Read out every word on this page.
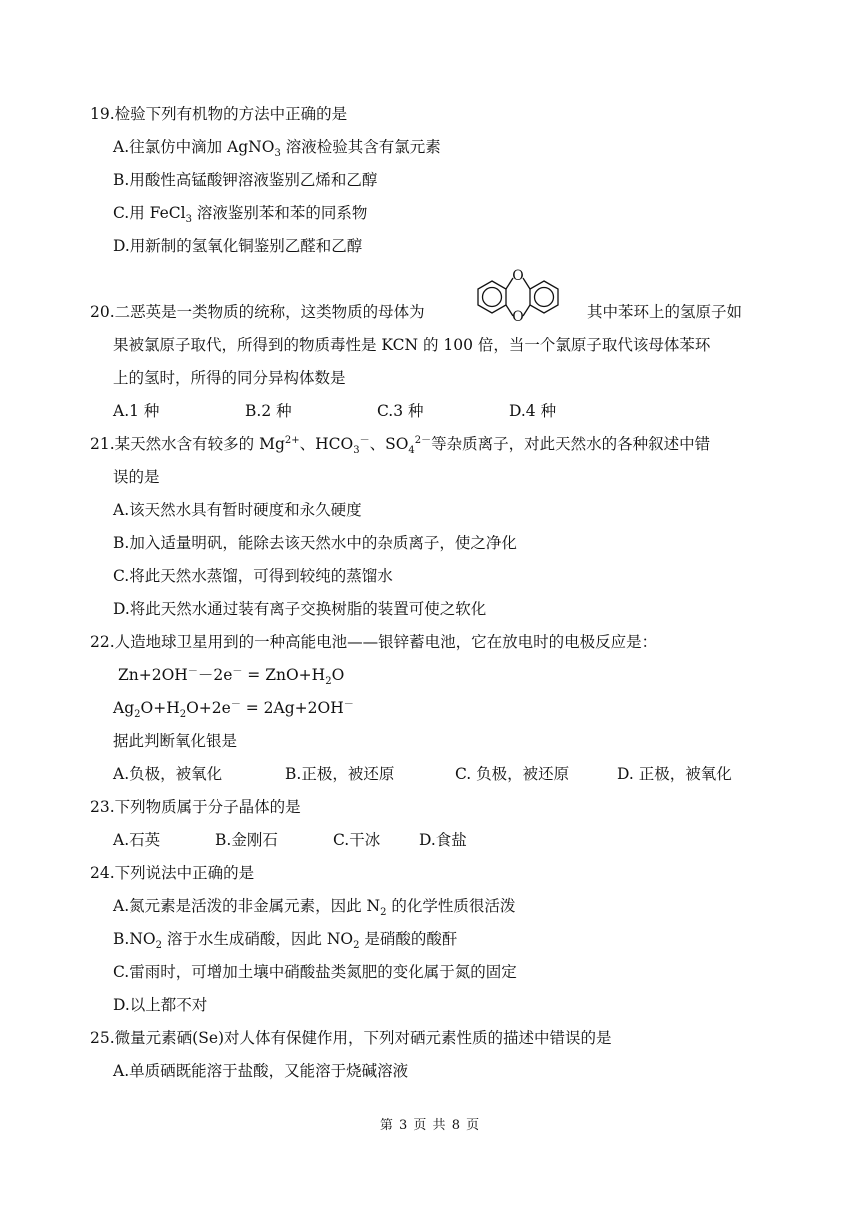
19.检验下列有机物的方法中正确的是
A.往氯仿中滴加 AgNO$_3$ 溶液检验其含有氯元素
B.用酸性高锰酸钾溶液鉴别乙烯和乙醇
C.用 FeCl$_3$ 溶液鉴别苯和苯的同系物
D.用新制的氢氧化铜鉴别乙醛和乙醇
20.二恶英是一类物质的统称，这类物质的母体为
O
O	其中苯环上的氢原子如
果被氯原子取代，所得到的物质毒性是 KCN 的 100 倍，当一个氯原子取代该母体苯环
上的氢时，所得的同分异构体数是
A.1 种	B.2 种	C.3 种	D.4 种
21.某天然水含有较多的 $Mg^{2+}$、$HCO_3^-$、$SO_4^{2-}$等杂质离子，对此天然水的各种叙述中错
误的是
A.该天然水具有暂时硬度和永久硬度
B.加入适量明矾，能除去该天然水中的杂质离子，使之净化
C.将此天然水蒸馏，可得到较纯的蒸馏水
D.将此天然水通过装有离子交换树脂的装置可使之软化
22.人造地球卫星用到的一种高能电池——银锌蓄电池，它在放电时的电极反应是：
$Zn+2OH^--2e^- = ZnO+H_2O$
$Ag_2O+H_2O+2e^- = 2Ag+2OH^-$
据此判断氧化银是
A.负极，被氧化	B.正极，被还原	C. 负极，被还原	D. 正极，被氧化
23.下列物质属于分子晶体的是
A.石英	B.金刚石	C.干冰	D.食盐
24.下列说法中正确的是
A.氮元素是活泼的非金属元素，因此 $N_2$ 的化学性质很活泼
$B.NO_2$ 溶于水生成硝酸，因此 $NO_2$ 是硝酸的酸酐
C.雷雨时，可增加土壤中硝酸盐类氮肥的变化属于氮的固定
D.以上都不对
25.微量元素硒(Se)对人体有保健作用，下列对硒元素性质的描述中错误的是
A.单质硒既能溶于盐酸，又能溶于烧碱溶液
第 3 页 共 8 页
